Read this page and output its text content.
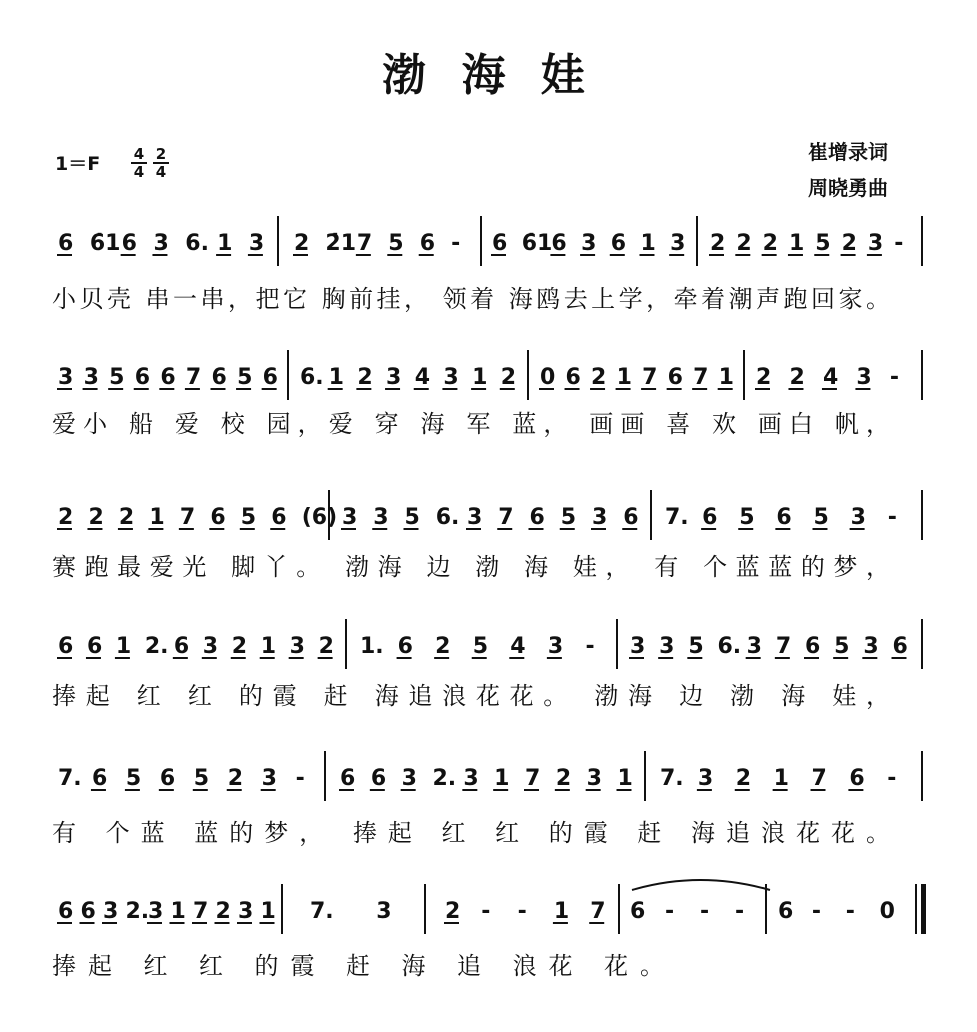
渤 海 娃
1＝F 4
4
2
4
崔增录词
周晓勇曲
6 6̇1 6 3 6. 1 3 2 2̇1 7 5 6 - 6 6̇1 6 3 6 1 3 2 2 2 1 5 2 3 -
小贝壳 串一串，把它 胸前挂， 领着 海鸥去上学，牵着潮声跑回家。
3 3 5 6 6 7 6 5 6 6. 1 2 3 4 3 1 2 0 6 2 1 7 6 7 1 2 2 4 3 -
爱小 船 爱 校 园，爱 穿 海 军 蓝， 画画 喜 欢 画白 帆，
2 2 2 1 7 6 5 6 (6) 3 3 5 6. 3 7 6 5 3 6 7. 6 5 6 5 3 -
赛跑最爱光 脚丫。 渤海 边 渤 海 娃， 有 个蓝蓝的梦，
6 6 1 2. 6 3 2 1 3 2 1. 6 2 5 4 3 - 3 3 5 6. 3 7 6 5 3 6
捧起 红 红 的霞 赶 海追浪花花。 渤海 边 渤 海 娃，
7. 6 5 6 5 2 3 - 6 6 3 2. 3 1 7 2 3 1 7. 3 2 1 7 6 -
有 个蓝 蓝的梦， 捧起 红 红 的霞 赶 海追浪花花。
6 6 3 2.
3 1 7 2 3 1 7. 3 2 - - 1 7 6 - - - 6 - - 0
捧起 红 红 的霞 赶 海 追 浪花 花。
